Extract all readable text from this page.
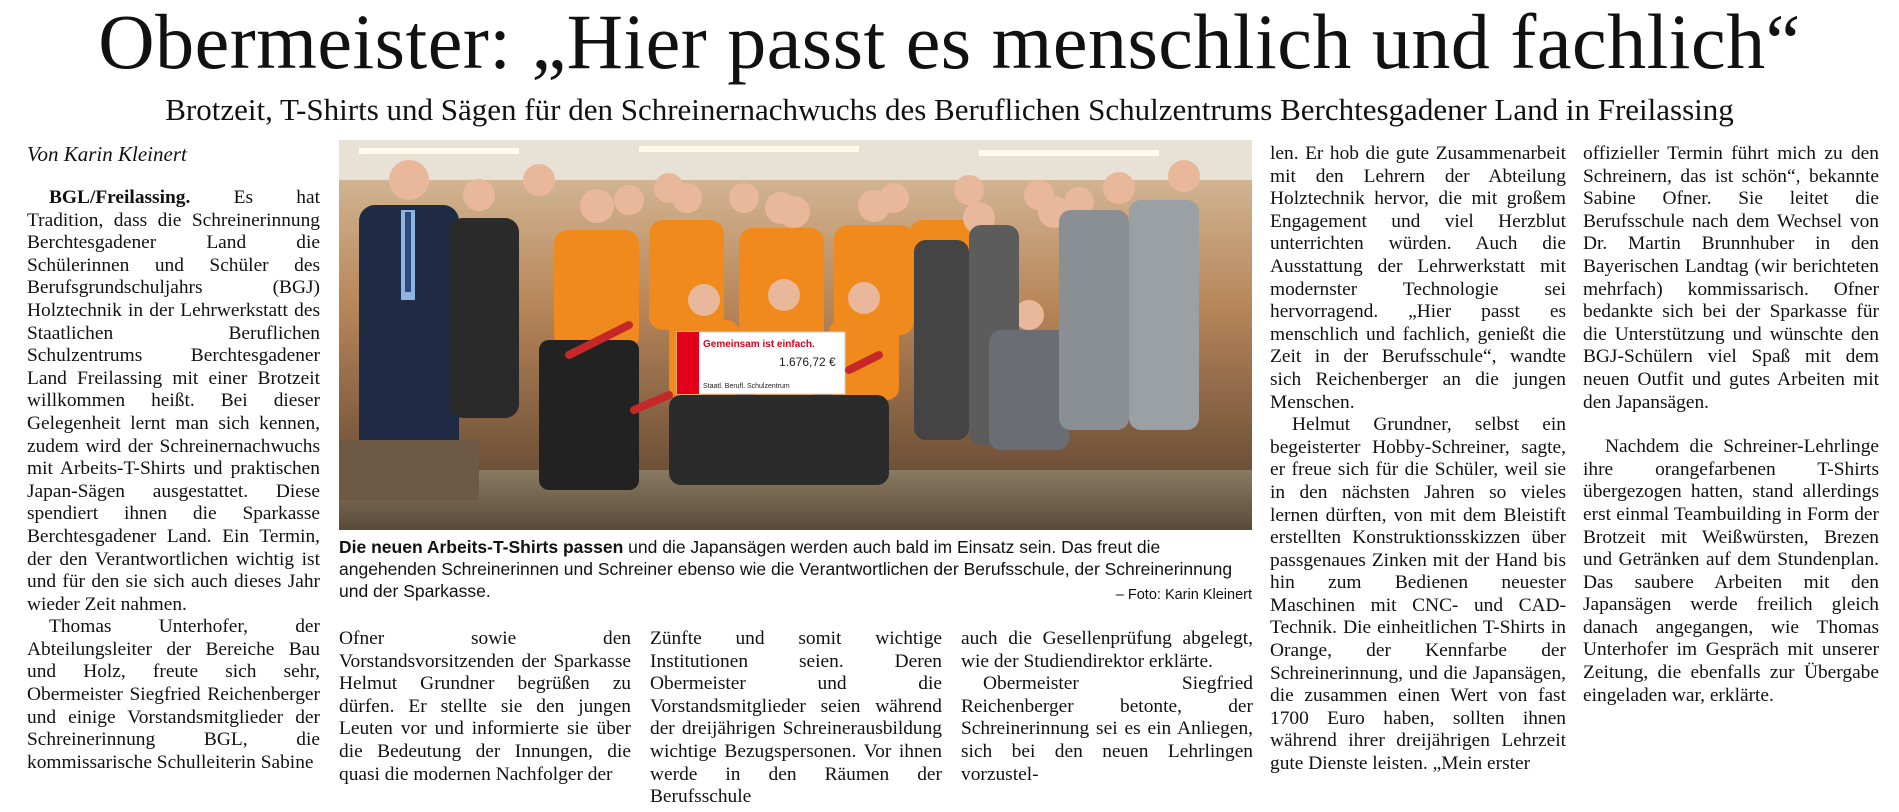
Obermeister: „Hier passt es menschlich und fachlich“
Brotzeit, T-Shirts und Sägen für den Schreinernachwuchs des Beruflichen Schulzentrums Berchtesgadener Land in Freilassing
Von Karin Kleinert

BGL/Freilassing. Es hat Tradition, dass die Schreinerinnung Berchtesgadener Land die Schülerinnen und Schüler des Berufsgrundschuljahrs (BGJ) Holztechnik in der Lehrwerkstatt des Staatlichen Beruflichen Schulzentrums Berchtesgadener Land Freilassing mit einer Brotzeit willkommen heißt. Bei dieser Gelegenheit lernt man sich kennen, zudem wird der Schreinernachwuchs mit Arbeits-T-Shirts und praktischen Japan-Sägen ausgestattet. Diese spendiert ihnen die Sparkasse Berchtesgadener Land. Ein Termin, der den Verantwortlichen wichtig ist und für den sie sich auch dieses Jahr wieder Zeit nahmen.

Thomas Unterhofer, der Abteilungsleiter der Bereiche Bau und Holz, freute sich sehr, Obermeister Siegfried Reichenberger und einige Vorstandsmitglieder der Schreinerinnung BGL, die kommissarische Schulleiterin Sabine

Ofner sowie den Vorstandsvorsitzenden der Sparkasse Helmut Grundner begrüßen zu dürfen. Er stellte sie den jungen Leuten vor und informierte sie über die Bedeutung der Innungen, die quasi die modernen Nachfolger der

Zünfte und somit wichtige Institutionen seien. Deren Obermeister und die Vorstandsmitglieder seien während der dreijährigen Schreinerausbildung wichtige Bezugspersonen. Vor ihnen werde in den Räumen der Berufsschule

auch die Gesellenprüfung abgelegt, wie der Studiendirektor erklärte.

Obermeister Siegfried Reichenberger betonte, der Schreinerinnung sei es ein Anliegen, sich bei den neuen Lehrlingen vorzustel-

len. Er hob die gute Zusammenarbeit mit den Lehrern der Abteilung Holztechnik hervor, die mit großem Engagement und viel Herzblut unterrichten würden. Auch die Ausstattung der Lehrwerkstatt mit modernster Technologie sei hervorragend. „Hier passt es menschlich und fachlich, genießt die Zeit in der Berufsschule“, wandte sich Reichenberger an die jungen Menschen.

Helmut Grundner, selbst ein begeisterter Hobby-Schreiner, sagte, er freue sich für die Schüler, weil sie in den nächsten Jahren so vieles lernen dürften, von mit dem Bleistift erstellten Konstruktionsskizzen über passgenaues Zinken mit der Hand bis hin zum Bedienen neuester Maschinen mit CNC- und CAD-Technik. Die einheitlichen T-Shirts in Orange, der Kennfarbe der Schreinerinnung, und die Japansägen, die zusammen einen Wert von fast 1700 Euro haben, sollten ihnen während ihrer dreijährigen Lehrzeit gute Dienste leisten. „Mein erster

offizieller Termin führt mich zu den Schreinern, das ist schön“, bekannte Sabine Ofner. Sie leitet die Berufsschule nach dem Wechsel von Dr. Martin Brunnhuber in den Bayerischen Landtag (wir berichteten mehrfach) kommissarisch. Ofner bedankte sich bei der Sparkasse für die Unterstützung und wünschte den BGJ-Schülern viel Spaß mit dem neuen Outfit und gutes Arbeiten mit den Japansägen.

Nachdem die Schreiner-Lehrlinge ihre orangefarbenen T-Shirts übergezogen hatten, stand allerdings erst einmal Teambuilding in Form der Brotzeit mit Weißwürsten, Brezen und Getränken auf dem Stundenplan. Das saubere Arbeiten mit den Japansägen werde freilich gleich danach angegangen, wie Thomas Unterhofer im Gespräch mit unserer Zeitung, die ebenfalls zur Übergabe eingeladen war, erklärte.

Gemeinsam ist einfach.
1.676,72 €
Staatl. Berufl. Schulzentrum
Die neuen Arbeits-T-Shirts passen und die Japansägen werden auch bald im Einsatz sein. Das freut die angehenden Schreinerinnen und Schreiner ebenso wie die Verantwortlichen der Berufsschule, der Schreinerinnung und der Sparkasse.	– Foto: Karin Kleinert
